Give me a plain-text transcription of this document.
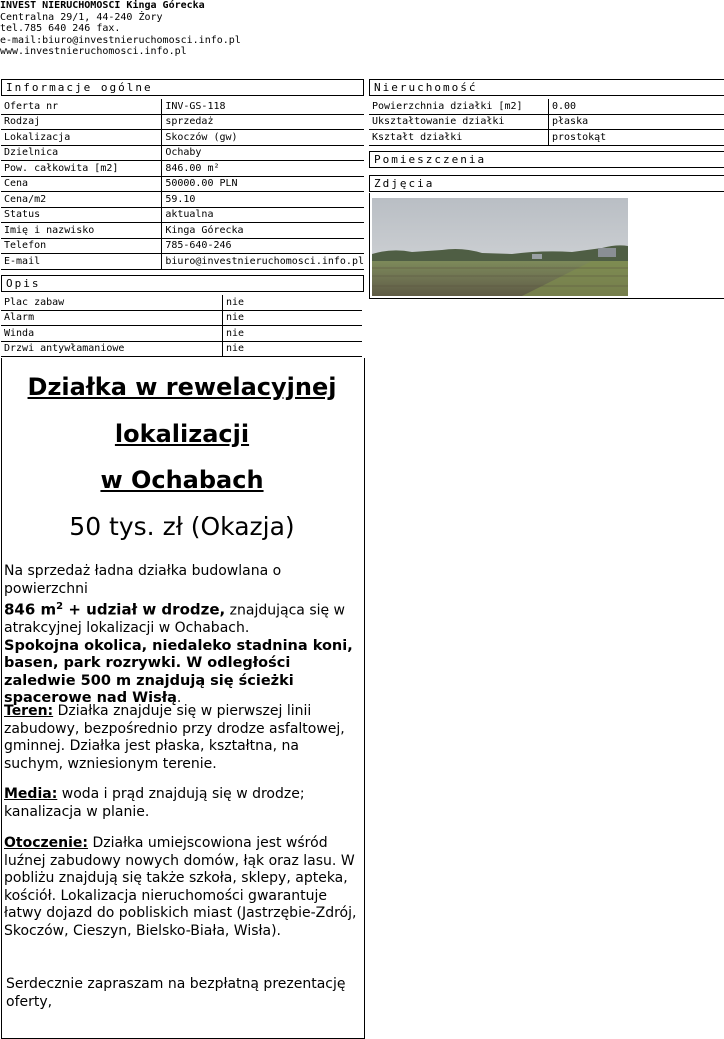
INVEST NIERUCHOMOŚCI Kinga Górecka
Centralna 29/1, 44-240 Żory
tel.785 640 246 fax.
e-mail:biuro@investnieruchomosci.info.pl
www.investnieruchomosci.info.pl
Informacje ogólne
Oferta nr	INV-GS-118
Rodzaj	sprzedaż
Lokalizacja	Skoczów (gw)
Dzielnica	Ochaby
Pow. całkowita [m2]	846.00 m²
Cena	50000.00 PLN
Cena/m2	59.10
Status	aktualna
Imię i nazwisko	Kinga Górecka
Telefon	785-640-246
E-mail	biuro@investnieruchomosci.info.pl
Opis
Plac zabaw	nie
Alarm	nie
Winda	nie
Drzwi antywłamaniowe	nie
Działka w rewelacyjnej
lokalizacji
w Ochabach
50 tys. zł (Okazja)
Na sprzedaż ładna działka budowlana o powierzchni
846 $m^2$ + udział w drodze, znajdująca się w atrakcyjnej lokalizacji w Ochabach.
Spokojna okolica, niedaleko stadnina koni, basen, park rozrywki. W odległości zaledwie 500 m znajdują się ścieżki spacerowe nad Wisłą.
Teren: Działka znajduje się w pierwszej linii zabudowy, bezpośrednio przy drodze asfaltowej, gminnej. Działka jest płaska, kształtna, na suchym, wzniesionym terenie.
Media: woda i prąd znajdują się w drodze; kanalizacja w planie.
Otoczenie: Działka umiejscowiona jest wśród luźnej zabudowy nowych domów, łąk oraz lasu. W pobliżu znajdują się także szkoła, sklepy, apteka, kościół. Lokalizacja nieruchomości gwarantuje łatwy dojazd do pobliskich miast (Jastrzębie-Zdrój, Skoczów, Cieszyn, Bielsko-Biała, Wisła).
Serdecznie zapraszam na bezpłatną prezentację oferty,
Nieruchomość
Powierzchnia działki [m2]	0.00
Ukształtowanie działki	płaska
Kształt działki	prostokąt
Pomieszczenia
Zdjęcia
